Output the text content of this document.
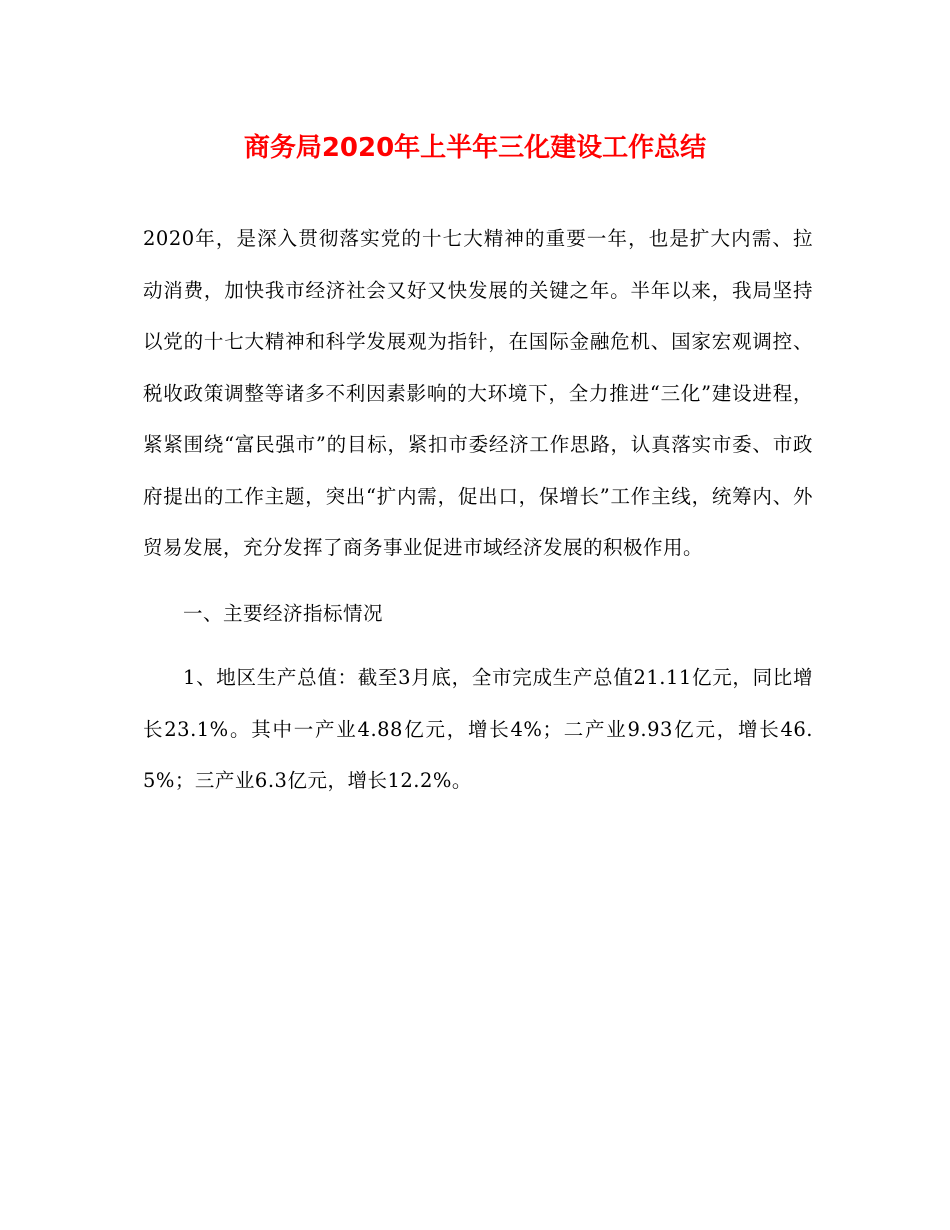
商务局2020年上半年三化建设工作总结

2020年，是深入贯彻落实党的十七大精神的重要一年，也是扩大内需、拉动消费，加快我市经济社会又好又快发展的关键之年。半年以来，我局坚持以党的十七大精神和科学发展观为指针，在国际金融危机、国家宏观调控、税收政策调整等诸多不利因素影响的大环境下，全力推进“三化”建设进程，紧紧围绕“富民强市”的目标，紧扣市委经济工作思路，认真落实市委、市政府提出的工作主题，突出“扩内需，促出口，保增长”工作主线，统筹内、外贸易发展，充分发挥了商务事业促进市域经济发展的积极作用。

一、主要经济指标情况

1、地区生产总值：截至3月底，全市完成生产总值21.11亿元，同比增长23.1%。其中一产业4.88亿元，增长4%；二产业9.93亿元，增长46.5%；三产业6.3亿元，增长12.2%。
